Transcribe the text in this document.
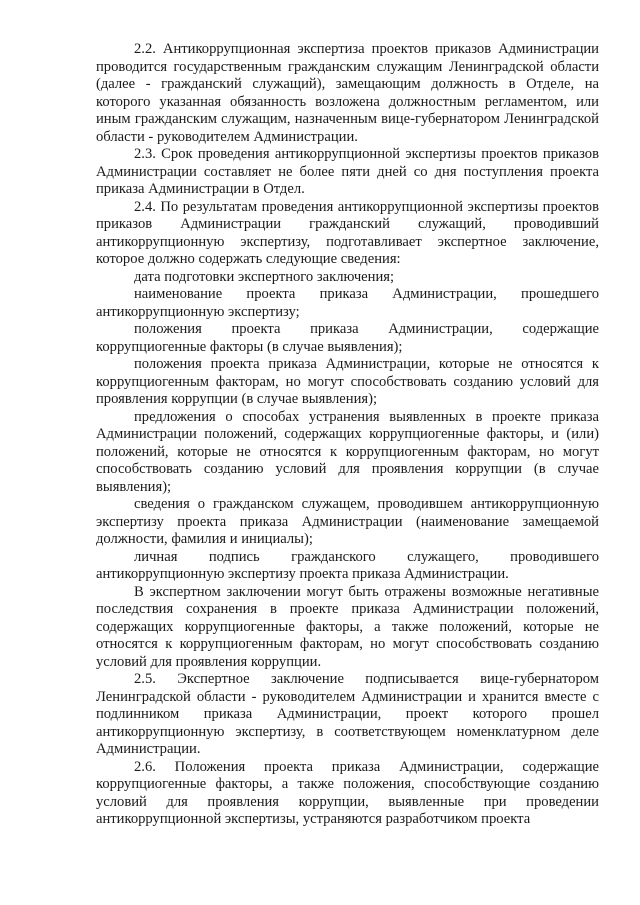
2.2. Антикоррупционная экспертиза проектов приказов Администрации проводится государственным гражданским служащим Ленинградской области (далее - гражданский служащий), замещающим должность в Отделе, на которого указанная обязанность возложена должностным регламентом, или иным гражданским служащим, назначенным вице-губернатором Ленинградской области - руководителем Администрации.

2.3. Срок проведения антикоррупционной экспертизы проектов приказов Администрации составляет не более пяти дней со дня поступления проекта приказа Администрации в Отдел.

2.4. По результатам проведения антикоррупционной экспертизы проектов приказов Администрации гражданский служащий, проводивший антикоррупционную экспертизу, подготавливает экспертное заключение, которое должно содержать следующие сведения:

дата подготовки экспертного заключения;

наименование проекта приказа Администрации, прошедшего антикоррупционную экспертизу;

положения проекта приказа Администрации, содержащие коррупциогенные факторы (в случае выявления);

положения проекта приказа Администрации, которые не относятся к коррупциогенным факторам, но могут способствовать созданию условий для проявления коррупции (в случае выявления);

предложения о способах устранения выявленных в проекте приказа Администрации положений, содержащих коррупциогенные факторы, и (или) положений, которые не относятся к коррупциогенным факторам, но могут способствовать созданию условий для проявления коррупции (в случае выявления);

сведения о гражданском служащем, проводившем антикоррупционную экспертизу проекта приказа Администрации (наименование замещаемой должности, фамилия и инициалы);

личная подпись гражданского служащего, проводившего антикоррупционную экспертизу проекта приказа Администрации.

В экспертном заключении могут быть отражены возможные негативные последствия сохранения в проекте приказа Администрации положений, содержащих коррупциогенные факторы, а также положений, которые не относятся к коррупциогенным факторам, но могут способствовать созданию условий для проявления коррупции.

2.5. Экспертное заключение подписывается вице-губернатором Ленинградской области - руководителем Администрации и хранится вместе с подлинником приказа Администрации, проект которого прошел антикоррупционную экспертизу, в соответствующем номенклатурном деле Администрации.

2.6. Положения проекта приказа Администрации, содержащие коррупциогенные факторы, а также положения, способствующие созданию условий для проявления коррупции, выявленные при проведении антикоррупционной экспертизы, устраняются разработчиком проекта
